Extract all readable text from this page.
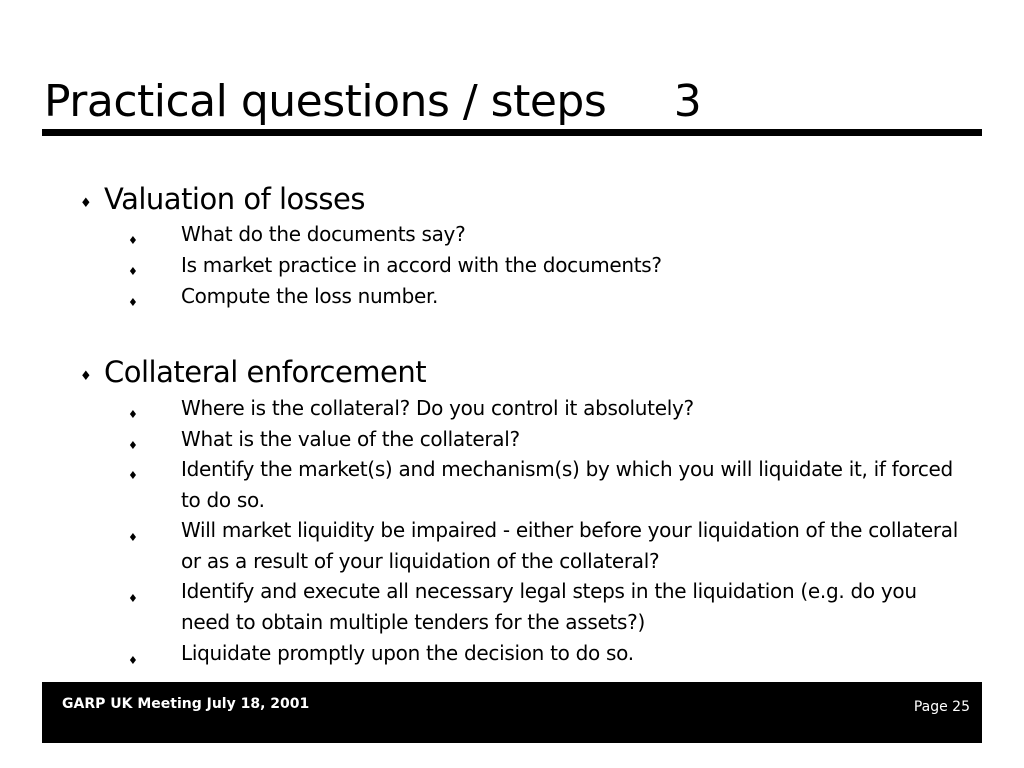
Practical questions / steps     3
♦ Valuation of losses
♦ What do the documents say?
♦ Is market practice in accord with the documents?
♦ Compute the loss number.
♦ Collateral enforcement
♦ Where is the collateral? Do you control it absolutely?
♦ What is the value of the collateral?
♦ Identify the market(s) and mechanism(s) by which you will liquidate it, if forced to do so.
♦ Will market liquidity be impaired - either before your liquidation of the collateral or as a result of your liquidation of the collateral?
♦ Identify and execute all necessary legal steps in the liquidation (e.g. do you need to obtain multiple tenders for the assets?)
♦ Liquidate promptly upon the decision to do so.
GARP UK Meeting July 18, 2001	Page 25
